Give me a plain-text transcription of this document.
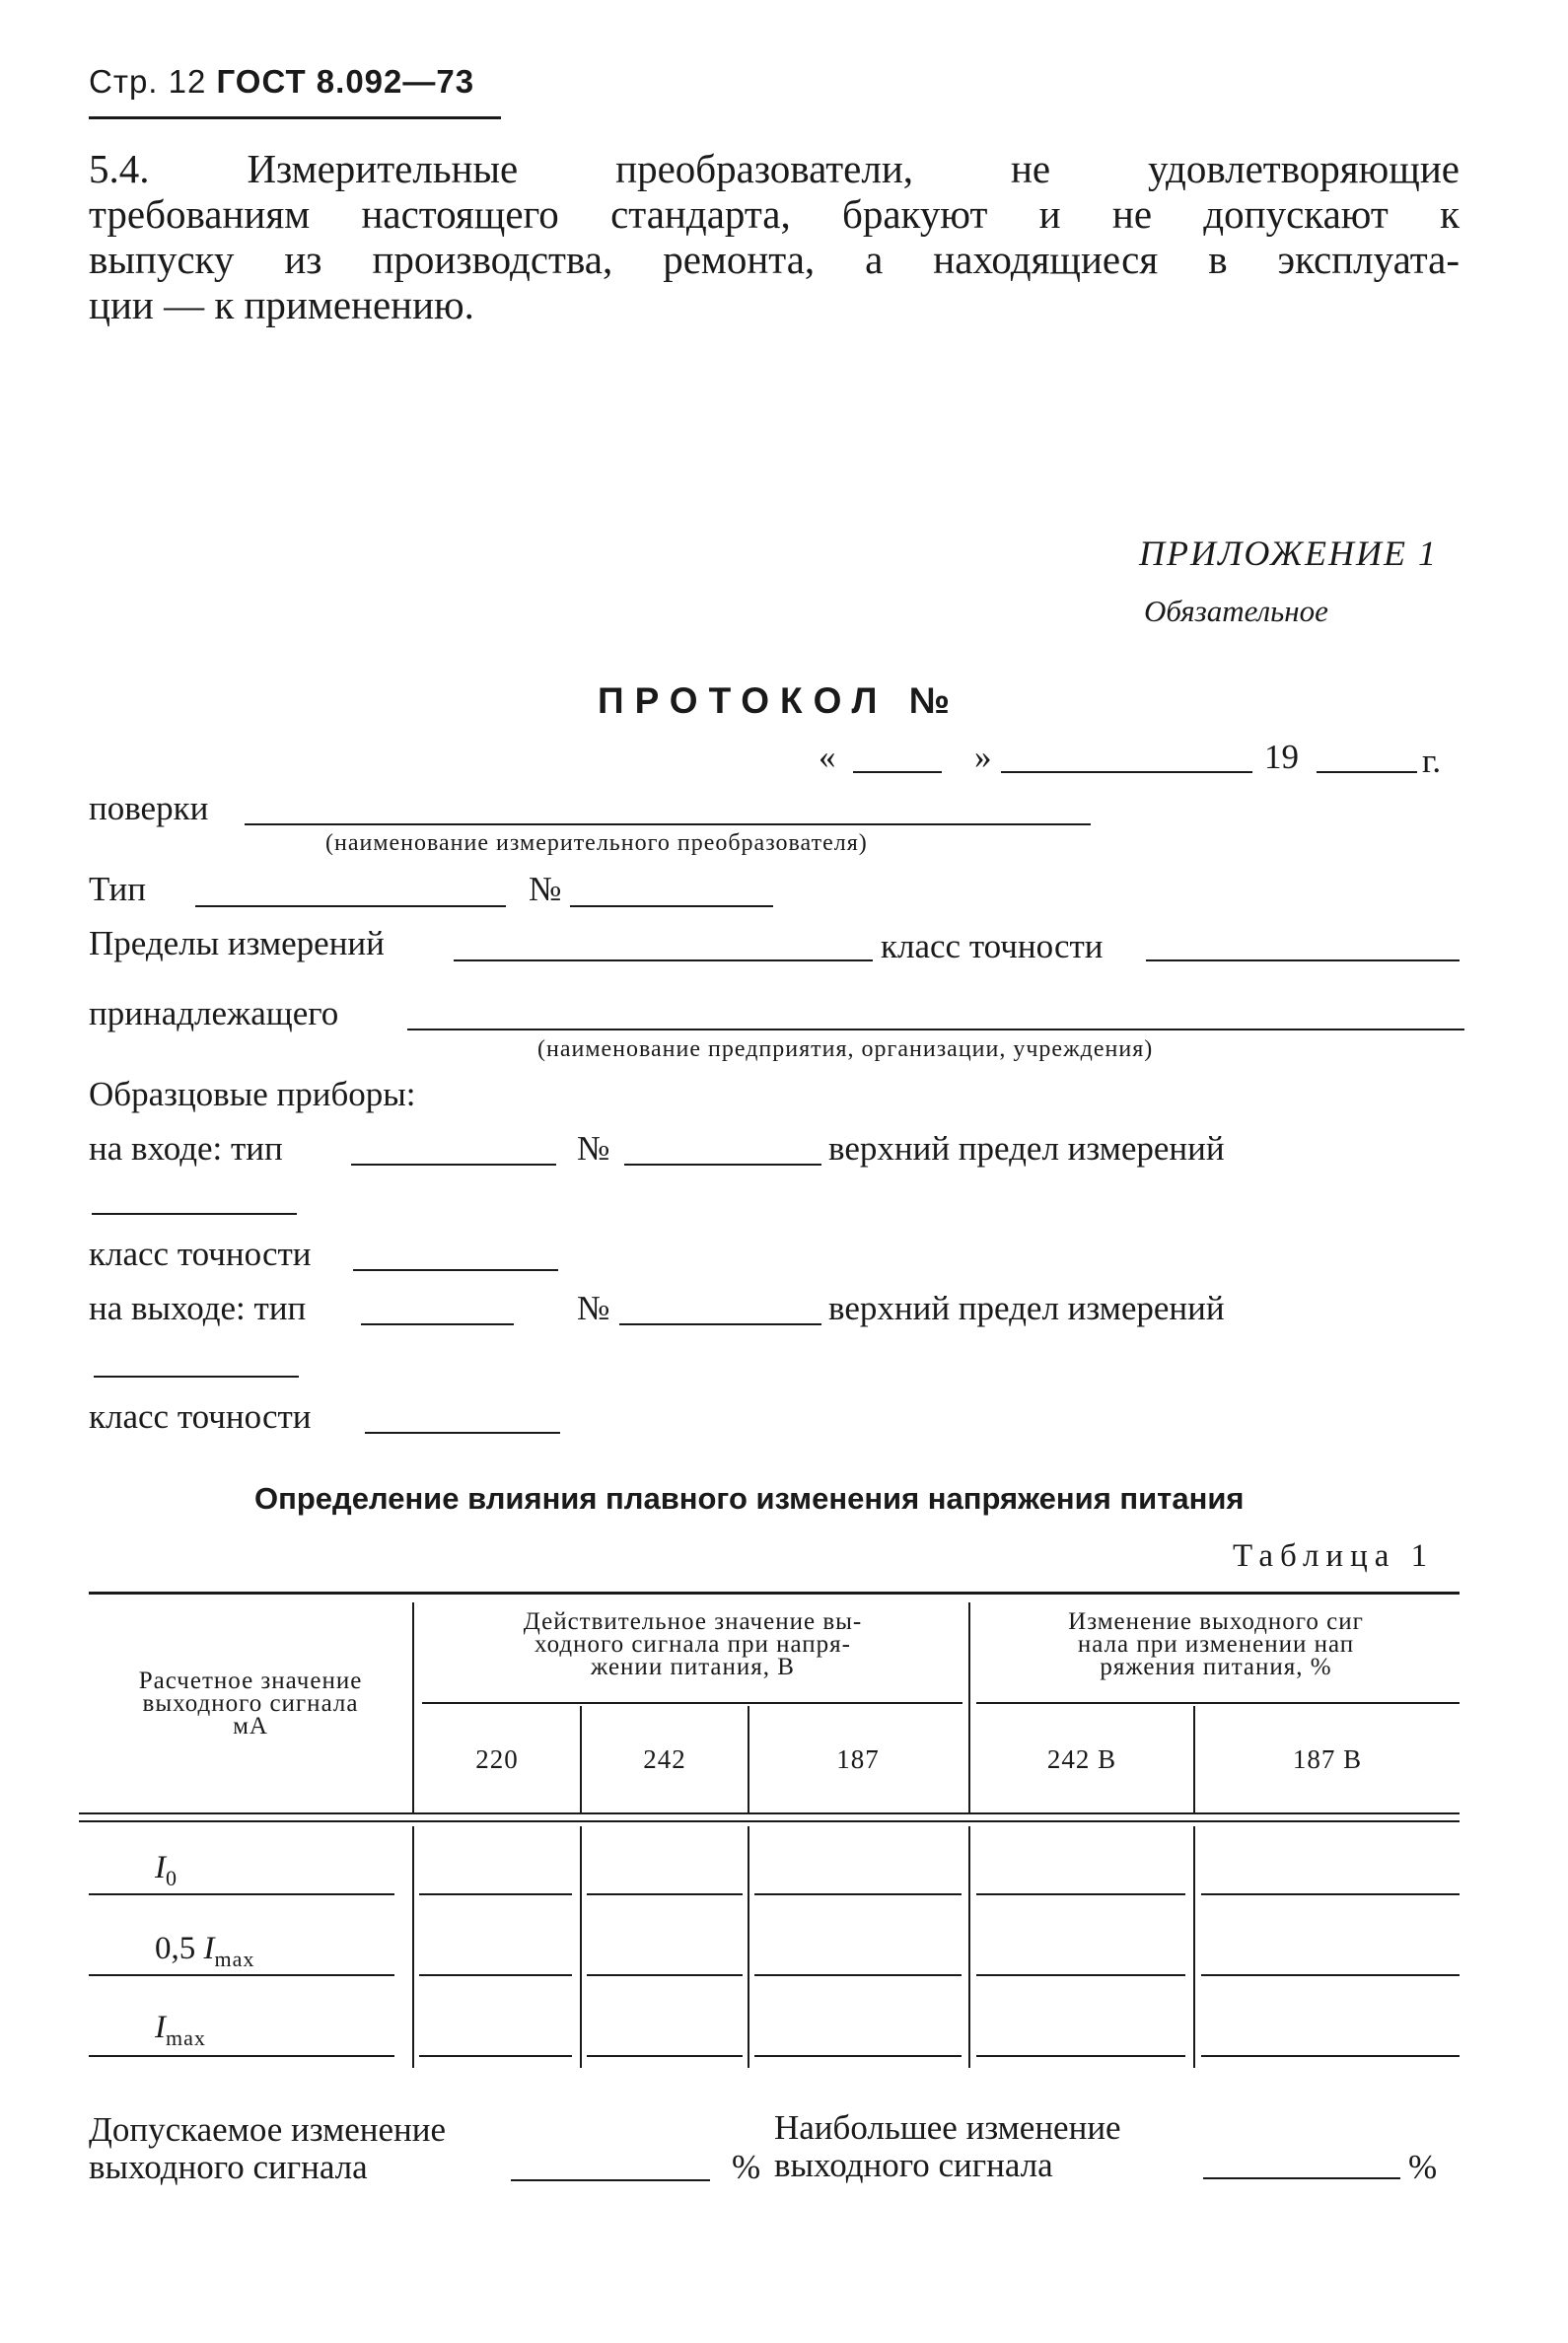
Стр. 12 ГОСТ 8.092—73
5.4. Измерительные преобразователи, не удовлетворяющие
требованиям настоящего стандарта, бракуют и не допускают к
выпуску из производства, ремонта, а находящиеся в эксплуата-
ции — к применению.
ПРИЛОЖЕНИЕ 1
Обязательное
ПРОТОКОЛ №
«	»	19	г.
поверки
(наименование измерительного преобразователя)
Тип	№
Пределы измерений	класс точности
принадлежащего
(наименование предприятия, организации, учреждения)
Образцовые приборы:
на входе: тип	№	верхний предел измерений
класс точности
на выходе: тип	№	верхний предел измерений
класс точности
Определение влияния плавного изменения напряжения питания
Таблица 1
Расчетное значение
выходного сигнала
мА
Действительное значение вы-
ходного сигнала при напря-
жении питания, В
Изменение выходного сиг
нала при изменении нап
ряжения питания, %
220	242	187	242 В	187 В
$I_0$
0,5 $I_{max}$
$I_{max}$
Допускаемое изменение
выходного сигнала	%
Наибольшее изменение
выходного сигнала	%
